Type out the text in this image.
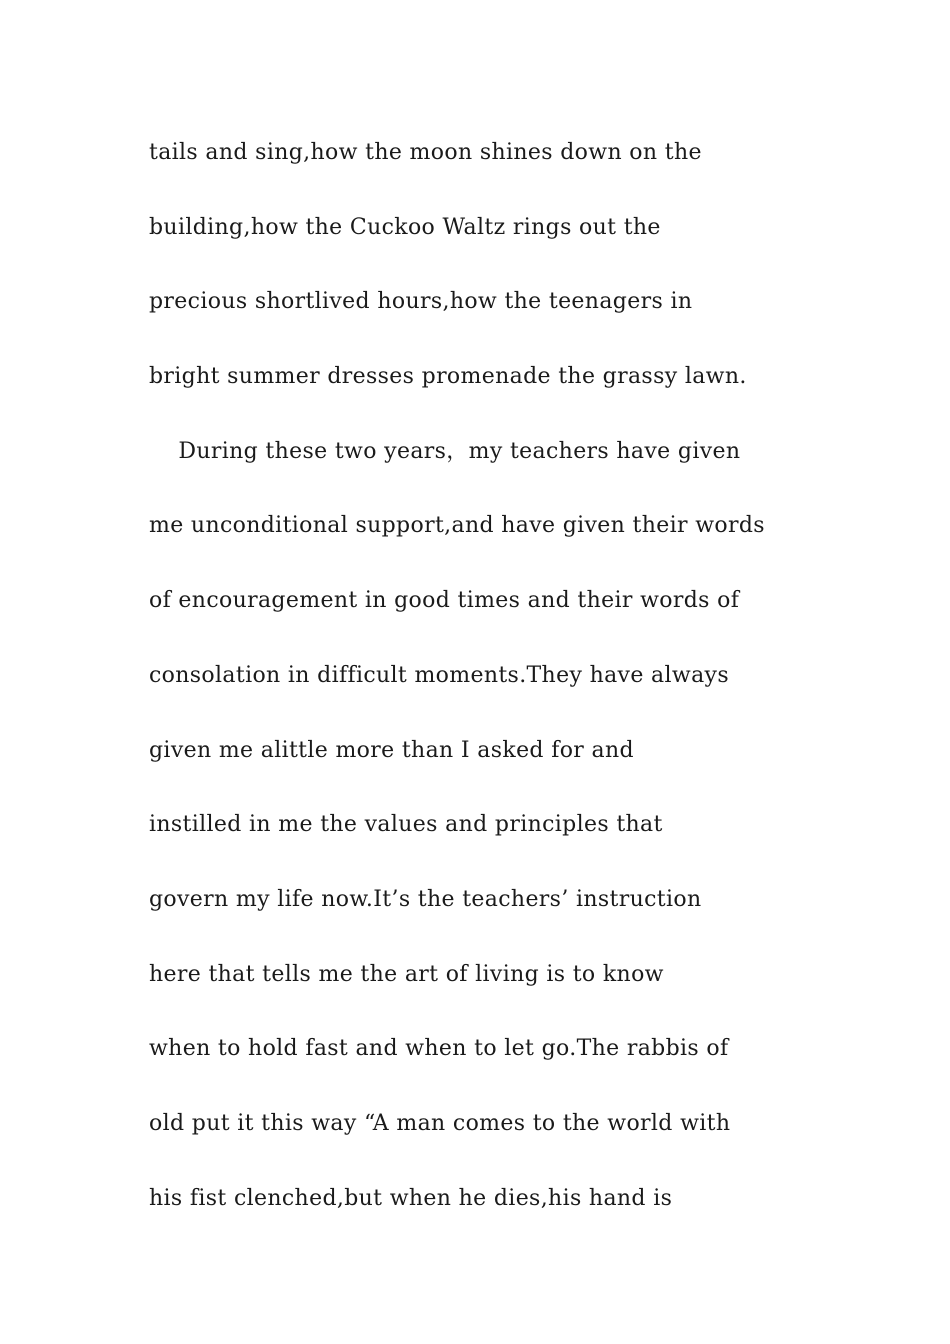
tails and sing,how the moon shines down on the
building,how the Cuckoo Waltz rings out the
precious shortlived hours,how the teenagers in
bright summer dresses promenade the grassy lawn.
During these two years，my teachers have given
me unconditional support,and have given their words
of encouragement in good times and their words of
consolation in difficult moments.They have always
given me alittle more than I asked for and
instilled in me the values and principles that
govern my life now.It’s the teachers’ instruction
here that tells me the art of living is to know
when to hold fast and when to let go.The rabbis of
old put it this way “A man comes to the world with
his fist clenched,but when he dies,his hand is
